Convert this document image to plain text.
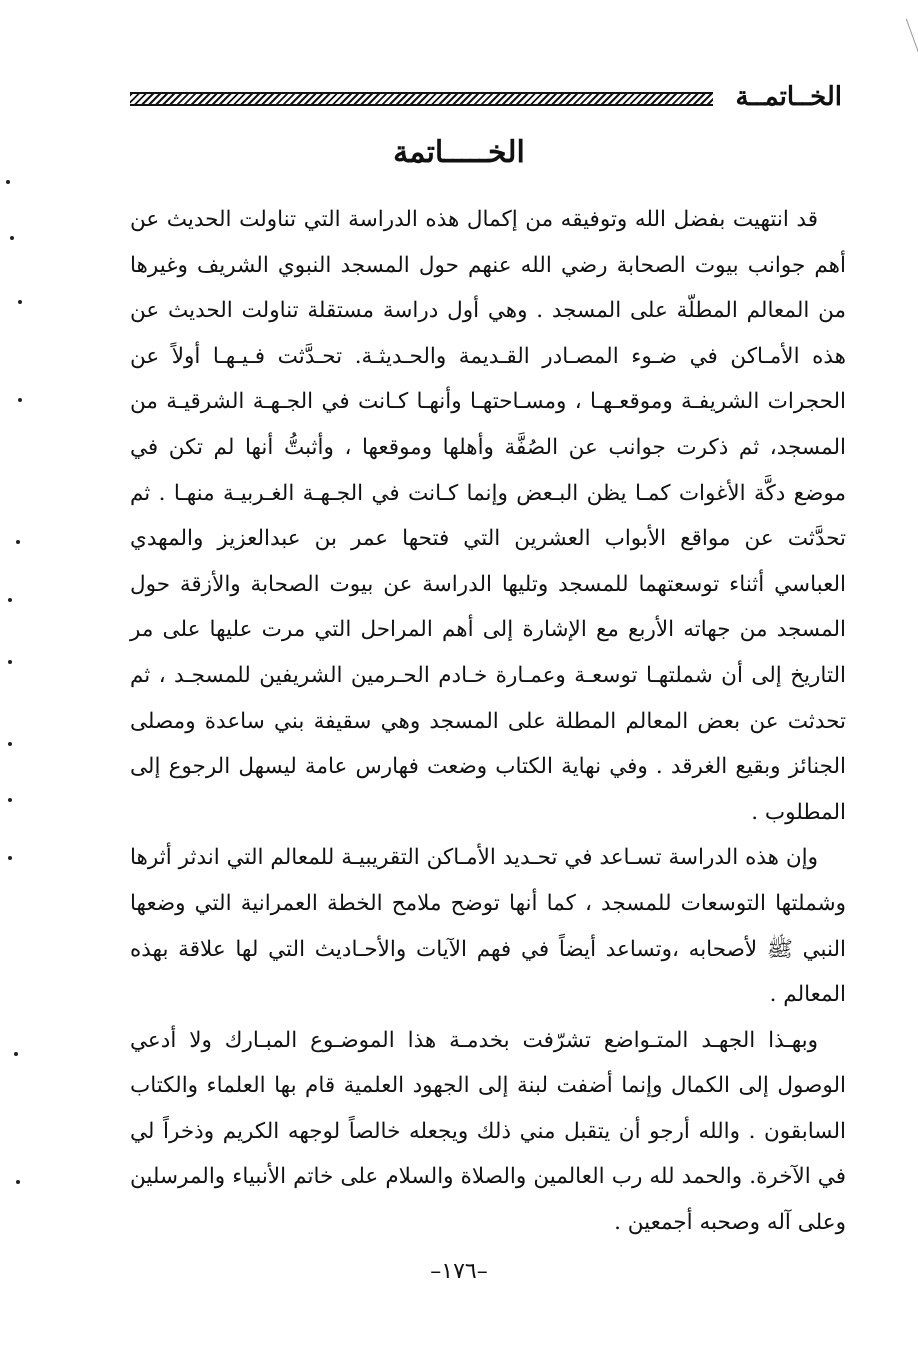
الخــاتمــة
الخـــــاتمة

قد انتهيت بفضل الله وتوفيقه من إكمال هذه الدراسة التي تناولت الحديث عن أهم جوانب بيوت الصحابة رضي الله عنهم حول المسجد النبوي الشريف وغيرها من المعالم المطلّة على المسجد . وهي أول دراسة مستقلة تناولت الحديث عن هذه الأمـاكن في ضـوء المصـادر القـديمة والحـديثـة. تحـدَّثت فـيـهـا أولاً عن الحجرات الشريفـة وموقعـهـا ، ومسـاحتهـا وأنهـا كـانت في الجـهـة الشرقيـة من المسجد، ثم ذكرت جوانب عن الصُفَّة وأهلها وموقعها ، وأثبتُّ أنها لم تكن في موضع دكَّة الأغوات كمـا يظن البـعض وإنما كـانت في الجـهـة الغـربيـة منهـا . ثم تحدَّثت عن مواقع الأبواب العشرين التي فتحها عمر بن عبدالعزيز والمهدي العباسي أثناء توسعتهما للمسجد وتليها الدراسة عن بيوت الصحابة والأزقة حول المسجد من جهاته الأربع مع الإشارة إلى أهم المراحل التي مرت عليها على مر التاريخ إلى أن شملتهـا توسعـة وعمـارة خـادم الحـرمين الشريفين للمسجـد ، ثم تحدثت عن بعض المعالم المطلة على المسجد وهي سقيفة بني ساعدة ومصلى الجنائز وبقيع الغرقد . وفي نهاية الكتاب وضعت فهارس عامة ليسهل الرجوع إلى المطلوب .

وإن هذه الدراسة تسـاعد في تحـديد الأمـاكن التقريبيـة للمعالم التي اندثر أثرها وشملتها التوسعات للمسجد ، كما أنها توضح ملامح الخطة العمرانية التي وضعها النبي ﷺ لأصحابه ،وتساعد أيضاً في فهم الآيات والأحـاديث التي لها علاقة بهذه المعالم .

وبهـذا الجهـد المتـواضع تشرّفت بخدمـة هذا الموضـوع المبـارك ولا أدعي الوصول إلى الكمال وإنما أضفت لبنة إلى الجهود العلمية قام بها العلماء والكتاب السابقون . والله أرجو أن يتقبل مني ذلك ويجعله خالصاً لوجهه الكريم وذخراً لي في الآخرة. والحمد لله رب العالمين والصلاة والسلام على خاتم الأنبياء والمرسلين وعلى آله وصحبه أجمعين .

–١٧٦–
